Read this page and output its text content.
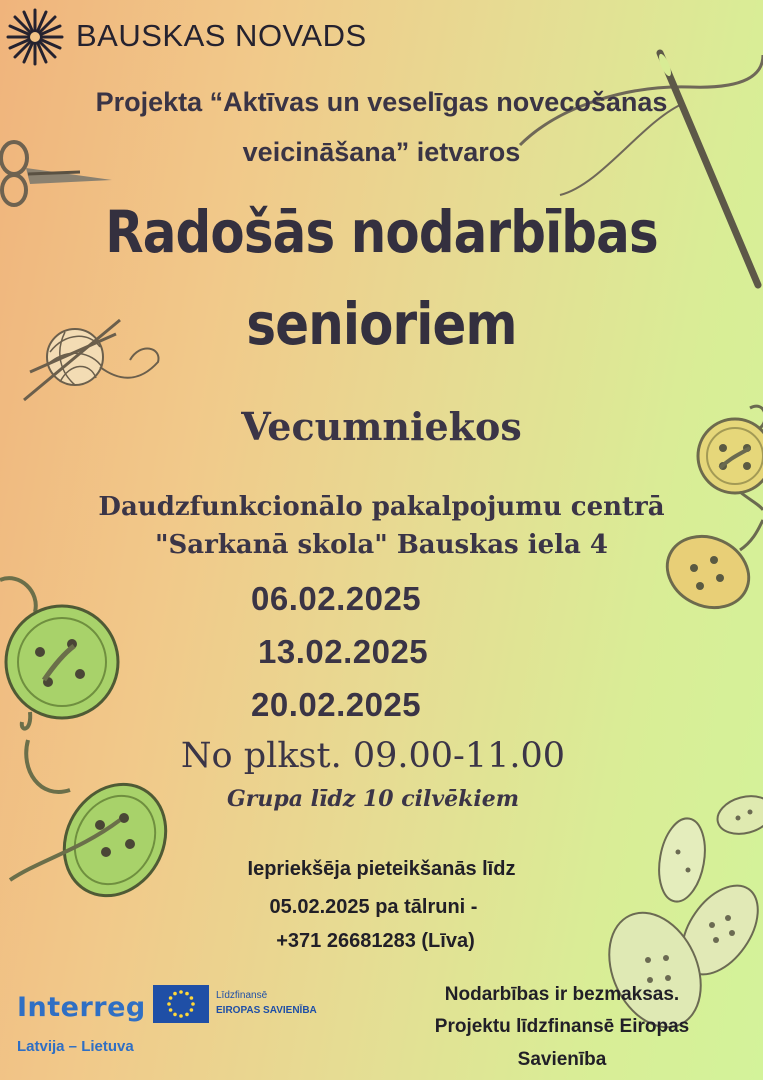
BAUSKAS NOVADS
Projekta “Aktīvas un veselīgas novecošanas
veicināšana” ietvaros
Radošās nodarbības
senioriem
Vecumniekos
Daudzfunkcionālo pakalpojumu centrā
"Sarkanā skola" Bauskas iela 4
06.02.2025
13.02.2025
20.02.2025
No plkst. 09.00-11.00
Grupa līdz 10 cilvēkiem
Iepriekšēja pieteikšanās līdz
05.02.2025 pa tālruni -
+371 26681283 (Līva)
Interreg
Latvija – Lietuva
Līdzfinansē
EIROPAS SAVIENĪBA
Nodarbības ir bezmaksas.
Projektu līdzfinansē Eiropas
Savienība
